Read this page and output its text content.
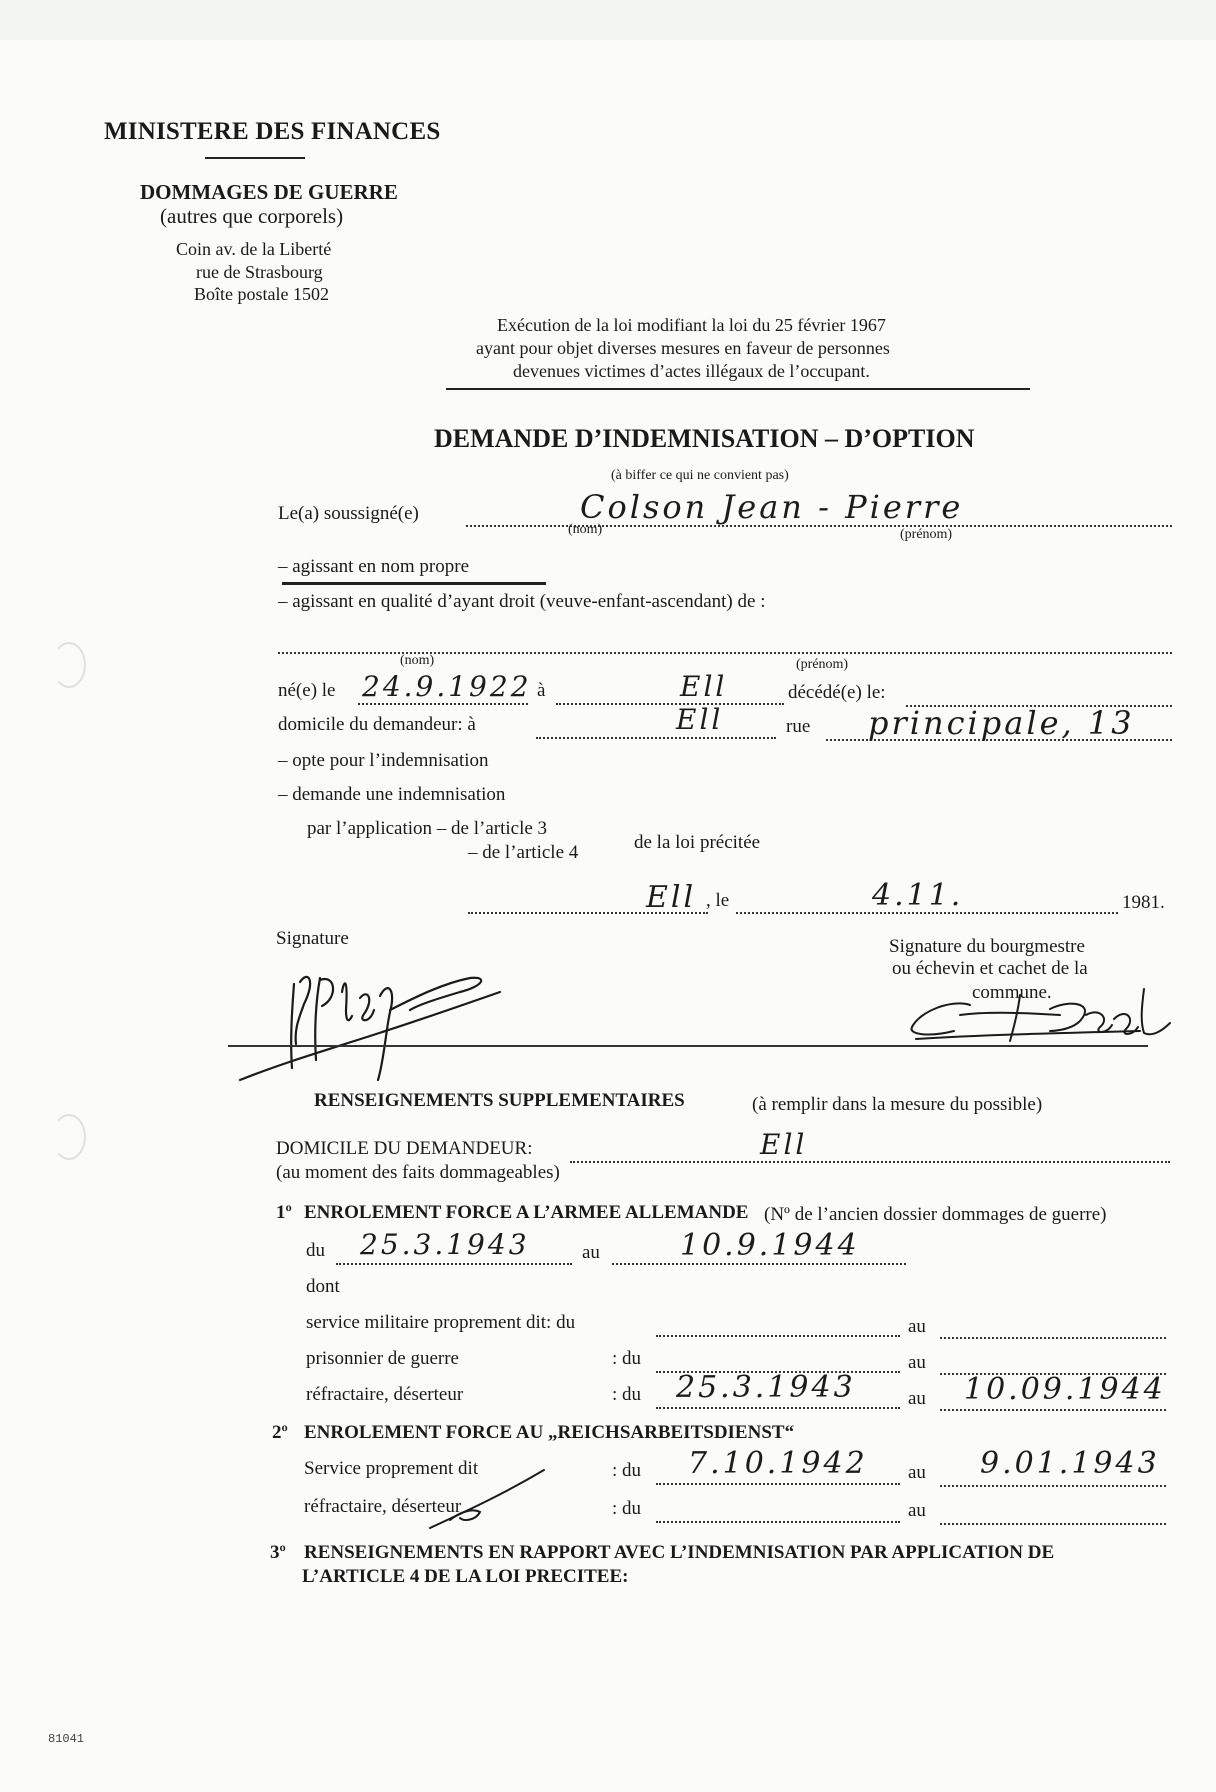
MINISTERE DES FINANCES
DOMMAGES DE GUERRE
(autres que corporels)
Coin av. de la Liberté
rue de Strasbourg
Boîte postale 1502
Exécution de la loi modifiant la loi du 25 février 1967
ayant pour objet diverses mesures en faveur de personnes
devenues victimes d’actes illégaux de l’occupant.
DEMANDE D’INDEMNISATION – D’OPTION
(à biffer ce qui ne convient pas)
Le(a) soussigné(e)	Colson Jean - Pierre
(nom)	(prénom)
– agissant en nom propre
– agissant en qualité d’ayant droit (veuve-enfant-ascendant) de :
(nom)	(prénom)
né(e) le 24.9.1922 à	Ell	décédé(e) le:
domicile du demandeur: à	Ell	rue principale, 13
– opte pour l’indemnisation
– demande une indemnisation
par l’application – de l’article 3
– de l’article 4	de la loi précitée
Ell , le	4.11.	1981.
Signature	Signature du bourgmestre
ou échevin et cachet de la
commune.
RENSEIGNEMENTS SUPPLEMENTAIRES	(à remplir dans la mesure du possible)
DOMICILE DU DEMANDEUR:	Ell
(au moment des faits dommageables)
1º ENROLEMENT FORCE A L’ARMEE ALLEMANDE (Nº de l’ancien dossier dommages de guerre)
du 25.3.1943	au	10.9.1944
dont
service militaire proprement dit: du	au
prisonnier de guerre	: du	au
réfractaire, déserteur	: du 25.3.1943	au 10.09.1944
2º ENROLEMENT FORCE AU „REICHSARBEITSDIENST“
Service proprement dit	: du 7.10.1942 au 9.01.1943
réfractaire, déserteur	: du	au
3º RENSEIGNEMENTS EN RAPPORT AVEC L’INDEMNISATION PAR APPLICATION DE
L’ARTICLE 4 DE LA LOI PRECITEE:
81041
